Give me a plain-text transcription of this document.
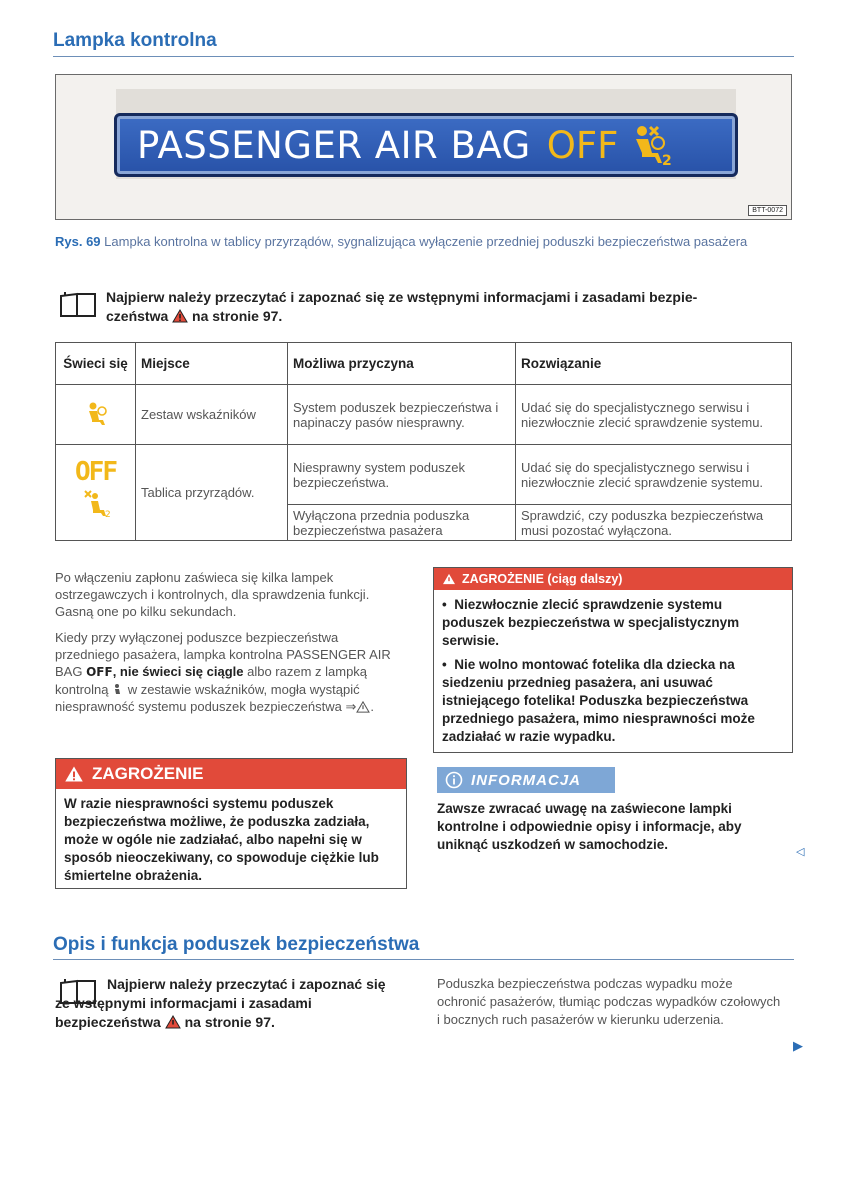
Lampka kontrolna
PASSENGER AIR BAG OFF	2
BTT-0072
Rys. 69 Lampka kontrolna w tablicy przyrządów, sygnalizująca wyłączenie przedniej poduszki bezpieczeństwa pasażera
Najpierw należy przeczytać i zapoznać się ze wstępnymi informacjami i zasadami bezpie-
czeństwa na stronie 97.
Świeci się	Miejsce	Możliwa przyczyna	Rozwiązanie
	Zestaw wskaźników	System poduszek bezpieczeństwa i napinaczy pasów niesprawny.	Udać się do specjalistycznego serwisu i niezwłocznie zlecić sprawdzenie systemu.

OFF
2	Tablica przyrządów.	Niesprawny system poduszek bezpieczeństwa.	Udać się do specjalistycznego serwisu i niezwłocznie zlecić sprawdzenie systemu.
		Wyłączona przednia poduszka bezpieczeństwa pasażera	Sprawdzić, czy poduszka bezpieczeństwa musi pozostać wyłączona.
Po włączeniu zapłonu zaświeca się kilka lampek ostrzegawczych i kontrolnych, dla sprawdzenia funkcji. Gasną one po kilku sekundach.
Kiedy przy wyłączonej poduszce bezpieczeństwa przedniego pasażera, lampka kontrolna PASSENGER AIR BAG OFF, nie świeci się ciągle albo razem z lampką kontrolną  w zestawie wskaźników, mogła wystąpić niesprawność systemu poduszek bezpieczeństwa ⇒ .
ZAGROŻENIE
W razie niesprawności systemu poduszek bezpieczeństwa możliwe, że poduszka zadziała, może w ogóle nie zadziałać, albo napełni się w sposób nieoczekiwany, co spowoduje ciężkie lub śmiertelne obrażenia.
ZAGROŻENIE (ciąg dalszy)
•  Niezwłocznie zlecić sprawdzenie systemu poduszek bezpieczeństwa w specjalistycznym serwisie.
•  Nie wolno montować fotelika dla dziecka na siedzeniu przednieg pasażera, ani usuwać istniejącego fotelika! Poduszka bezpieczeństwa przedniego pasażera, mimo niesprawności może zadziałać w razie wypadku.
INFORMACJA
Zawsze zwracać uwagę na zaświecone lampki kontrolne i odpowiednie opisy i informacje, aby uniknąć uszkodzeń w samochodzie.	◁
Opis i funkcja poduszek bezpieczeństwa
Najpierw należy przeczytać i zapoznać się ze wstępnymi informacjami i zasadami bezpieczeństwa na stronie 97.
Poduszka bezpieczeństwa podczas wypadku może ochronić pasażerów, tłumiąc podczas wypadków czołowych i bocznych ruch pasażerów w kierunku uderzenia.
▶
